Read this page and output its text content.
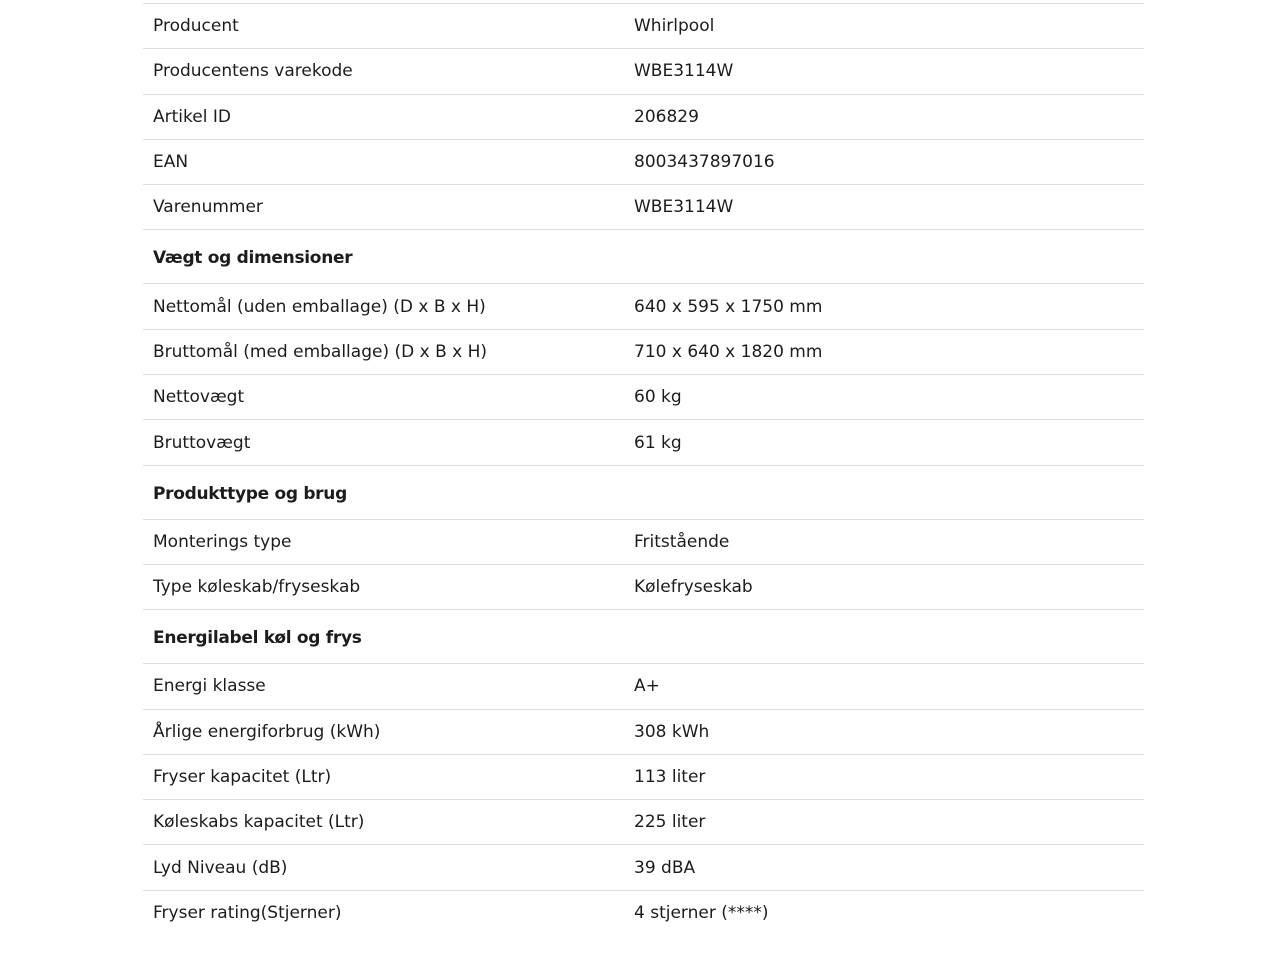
Producent	Whirlpool
Producentens varekode	WBE3114W
Artikel ID	206829
EAN	8003437897016
Varenummer	WBE3114W
Vægt og dimensioner
Nettomål (uden emballage) (D x B x H)	640 x 595 x 1750 mm
Bruttomål (med emballage) (D x B x H)	710 x 640 x 1820 mm
Nettovægt	60 kg
Bruttovægt	61 kg
Produkttype og brug
Monterings type	Fritstående
Type køleskab/fryseskab	Kølefryseskab
Energilabel køl og frys
Energi klasse	A+
Årlige energiforbrug (kWh)	308 kWh
Fryser kapacitet (Ltr)	113 liter
Køleskabs kapacitet (Ltr)	225 liter
Lyd Niveau (dB)	39 dBA
Fryser rating(Stjerner)	4 stjerner (****)
